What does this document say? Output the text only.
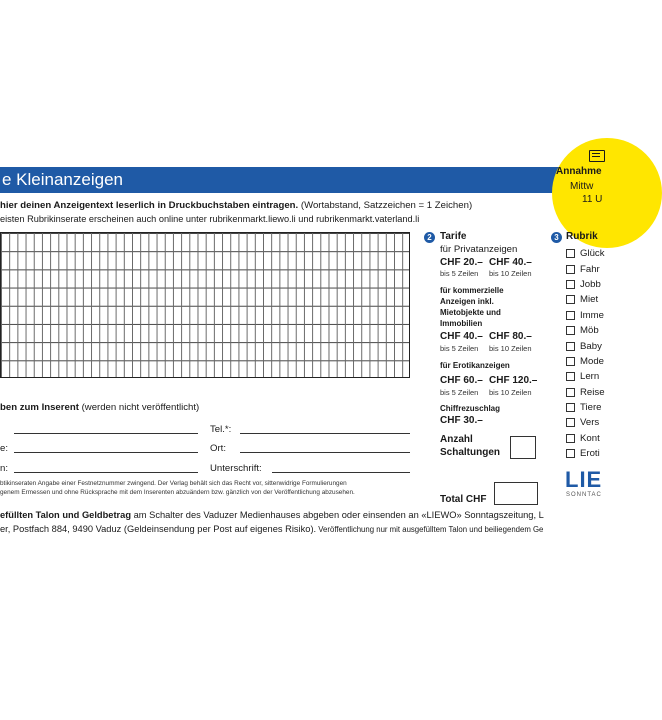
e Kleinanzeigen	Annahme
Mittw
11 U
hier deinen Anzeigentext leserlich in Druckbuchstaben eintragen. (Wortabstand, Satzzeichen = 1 Zeichen)
eisten Rubrikinserate erscheinen auch online unter rubrikenmarkt.liewo.li und rubrikenmarkt.vaterland.li
2 Tarife
für Privatanzeigen
CHF 20.– CHF 40.–
bis 5 Zeilen bis 10 Zeilen
für kommerzielle Anzeigen inkl. Mietobjekte und Immobilien
CHF 40.– CHF 80.–
bis 5 Zeilen bis 10 Zeilen
für Erotikanzeigen
CHF 60.– CHF 120.–
bis 5 Zeilen bis 10 Zeilen
Chiffrezuschlag
CHF 30.–
Anzahl
Schaltungen
Total CHF
3 Rubrik
Glück
Fahr
Jobb
Miet
Imme
Möb
Baby
Mode
Lern
Reise
Tiere
Vers
Kont
Eroti
LIE
SONNTAC
ben zum Inserent (werden nicht veröffentlicht)
Tel.*:
e:	Ort:
n:	Unterschrift:
btikinseraten Angabe einer Festnetznummer zwingend. Der Verlag behält sich das Recht vor, sittenwidrige Formulierungen
genem Ermessen und ohne Rücksprache mit dem Inserenten abzuändern bzw. gänzlich von der Veröffentlichung abzusehen.
efüllten Talon und Geldbetrag am Schalter des Vaduzer Medienhauses abgeben oder einsenden an «LIEWO» Sonntagszeitung, L
er, Postfach 884, 9490 Vaduz (Geldeinsendung per Post auf eigenes Risiko). Veröffentlichung nur mit ausgefülltem Talon und beiliegendem Ge
